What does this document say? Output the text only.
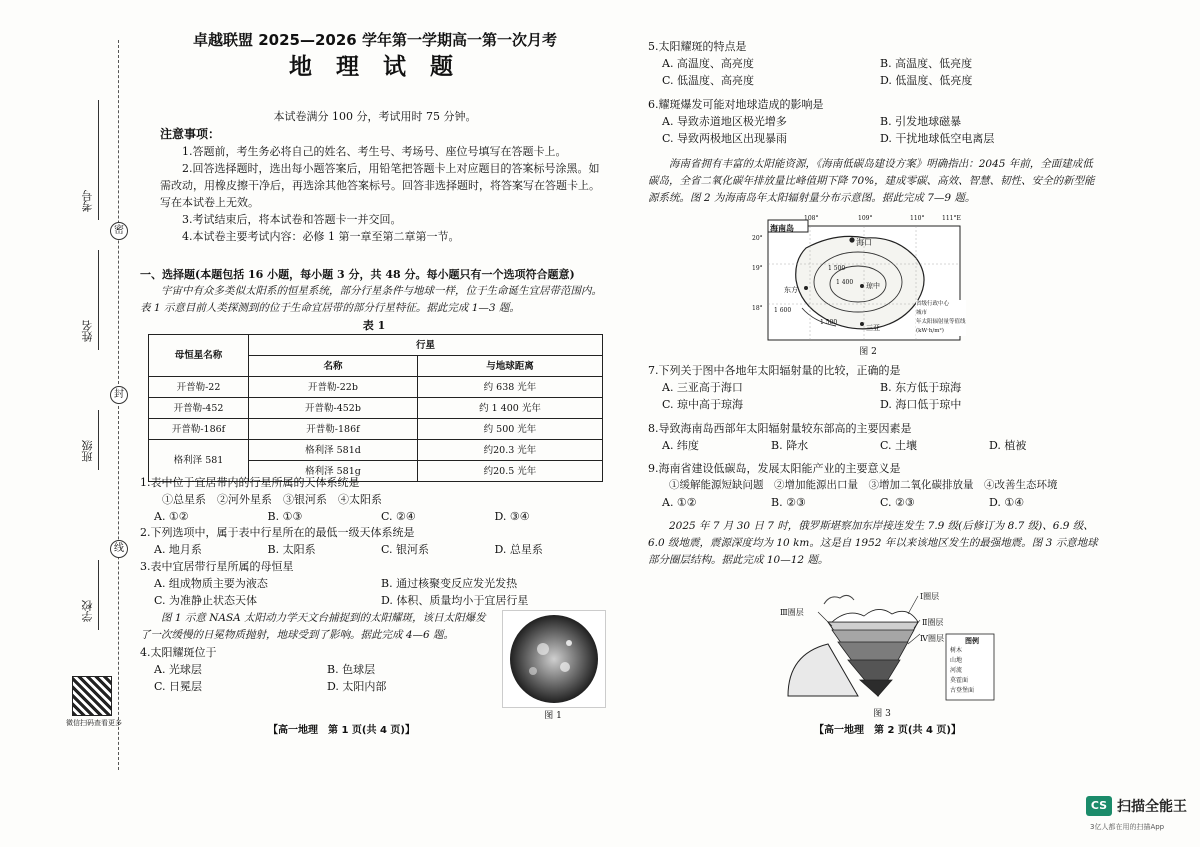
密
封
线
考号
姓名
班级
学校
微信扫码查看更多
卓越联盟 2025—2026 学年第一学期高一第一次月考
地 理 试 题
本试卷满分 100 分，考试用时 75 分钟。
注意事项：
1.答题前，考生务必将自己的姓名、考生号、考场号、座位号填写在答题卡上。
2.回答选择题时，选出每小题答案后，用铅笔把答题卡上对应题目的答案标号涂黑。如需改动，用橡皮擦干净后，再选涂其他答案标号。回答非选择题时，将答案写在答题卡上。写在本试卷上无效。
3.考试结束后，将本试卷和答题卡一并交回。
4.本试卷主要考试内容：必修 1 第一章至第二章第一节。
一、选择题(本题包括 16 小题，每小题 3 分，共 48 分。每小题只有一个选项符合题意)
宇宙中有众多类似太阳系的恒星系统，部分行星条件与地球一样，位于生命诞生宜居带范围内。表 1 示意目前人类探测到的位于生命宜居带的部分行星特征。据此完成 1—3 题。
表 1
母恒星名称	行星	
	名称	与地球距离
开普勒-22	开普勒-22b	约 638 光年
开普勒-452	开普勒-452b	约 1 400 光年
开普勒-186f	开普勒-186f	约 500 光年
格利泽 581	格利泽 581d	约20.3 光年
	格利泽 581g	约20.5 光年
1.表中位于宜居带内的行星所属的天体系统是
①总星系　②河外星系　③银河系　④太阳系
A. ①②	B. ①③	C. ②④	D. ③④
2.下列选项中，属于表中行星所在的最低一级天体系统是
A. 地月系	B. 太阳系	C. 银河系	D. 总星系
3.表中宜居带行星所属的母恒星
A. 组成物质主要为液态	B. 通过核聚变反应发光发热
C. 为准静止状态天体	D. 体积、质量均小于宜居行星
图 1 示意 NASA 太阳动力学天文台捕捉到的太阳耀斑，该日太阳爆发了一次缓慢的日冕物质抛射，地球受到了影响。据此完成 4—6 题。
4.太阳耀斑位于
A. 光球层	B. 色球层
C. 日冕层	D. 太阳内部
图 1
【高一地理　第 1 页(共 4 页)】
5.太阳耀斑的特点是
A. 高温度、高亮度	B. 高温度、低亮度
C. 低温度、高亮度	D. 低温度、低亮度
6.耀斑爆发可能对地球造成的影响是
A. 导致赤道地区极光增多	B. 引发地球磁暴
C. 导致两极地区出现暴雨	D. 干扰地球低空电离层
海南省拥有丰富的太阳能资源，《海南低碳岛建设方案》明确指出：2045 年前，全面建成低碳岛，全省二氧化碳年排放量比峰值期下降 70%，建成零碳、高效、智慧、韧性、安全的新型能源系统。图 2 为海南岛年太阳辐射量分布示意图。据此完成 7—9 题。
海南岛
海口
琼中
东方
三亚
1 500
1 400
1 500
1 600
108°	109°	110°	111°E
20°
19°
18°
省级行政中心
城市
年太阳辐射量等值线(kW·h/m²)
图 2
7.下列关于图中各地年太阳辐射量的比较，正确的是
A. 三亚高于海口	B. 东方低于琼海
C. 琼中高于琼海	D. 海口低于琼中
8.导致海南岛西部年太阳辐射量较东部高的主要因素是
A. 纬度	B. 降水	C. 土壤	D. 植被
9.海南省建设低碳岛，发展太阳能产业的主要意义是
①缓解能源短缺问题　②增加能源出口量　③增加二氧化碳排放量　④改善生态环境
A. ①②	B. ②③	C. ②③	D. ①④
2025 年 7 月 30 日 7 时，俄罗斯堪察加东岸接连发生 7.9 级(后修订为 8.7 级)、6.9 级、6.0 级地震，震源深度均为 10 km。这是自 1952 年以来该地区发生的最强地震。图 3 示意地球部分圈层结构。据此完成 10—12 题。
Ⅰ圈层
Ⅱ圈层
Ⅲ圈层
Ⅳ圈层	图例
树木
山地
河流
莫霍面
古登堡面
图 3
【高一地理　第 2 页(共 4 页)】
CS 扫描全能王
3亿人都在用的扫描App
